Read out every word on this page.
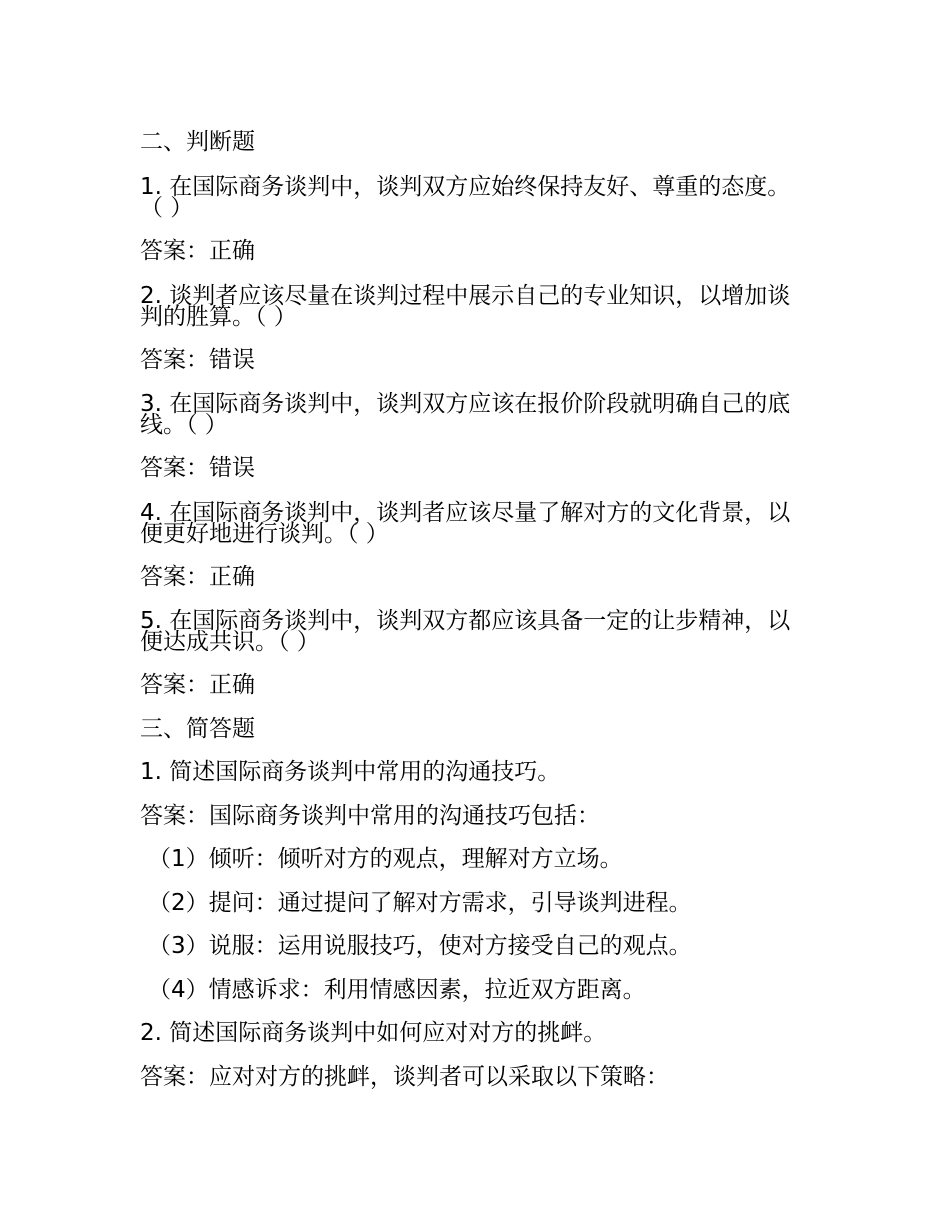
二、判断题
1. 在国际商务谈判中，谈判双方应始终保持友好、尊重的态度。（ ）
答案：正确
2. 谈判者应该尽量在谈判过程中展示自己的专业知识，以增加谈判的胜算。（ ）
答案：错误
3. 在国际商务谈判中，谈判双方应该在报价阶段就明确自己的底线。（ ）
答案：错误
4. 在国际商务谈判中，谈判者应该尽量了解对方的文化背景，以便更好地进行谈判。（ ）
答案：正确
5. 在国际商务谈判中，谈判双方都应该具备一定的让步精神，以便达成共识。（ ）
答案：正确
三、简答题
1. 简述国际商务谈判中常用的沟通技巧。
答案：国际商务谈判中常用的沟通技巧包括：
（1）倾听：倾听对方的观点，理解对方立场。
（2）提问：通过提问了解对方需求，引导谈判进程。
（3）说服：运用说服技巧，使对方接受自己的观点。
（4）情感诉求：利用情感因素，拉近双方距离。
2. 简述国际商务谈判中如何应对对方的挑衅。
答案：应对对方的挑衅，谈判者可以采取以下策略：
